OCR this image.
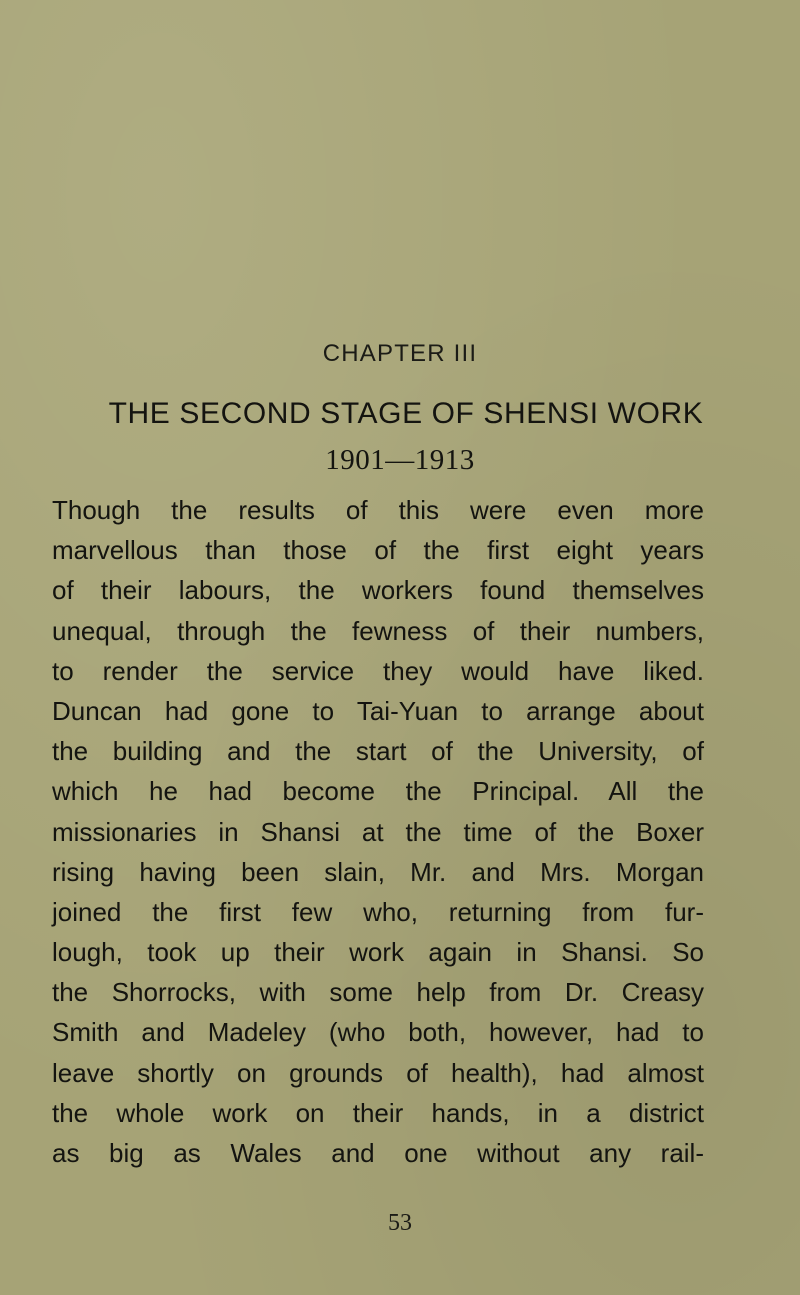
CHAPTER III
THE SECOND STAGE OF SHENSI WORK
1901—1913
Though the results of this were even more
marvellous than those of the first eight years
of their labours, the workers found themselves
unequal, through the fewness of their numbers,
to render the service they would have liked.
Duncan had gone to Tai-Yuan to arrange about
the building and the start of the University, of
which he had become the Principal. All the
missionaries in Shansi at the time of the Boxer
rising having been slain, Mr. and Mrs. Morgan
joined the first few who, returning from fur-
lough, took up their work again in Shansi. So
the Shorrocks, with some help from Dr. Creasy
Smith and Madeley (who both, however, had to
leave shortly on grounds of health), had almost
the whole work on their hands, in a district
as big as Wales and one without any rail-
53
